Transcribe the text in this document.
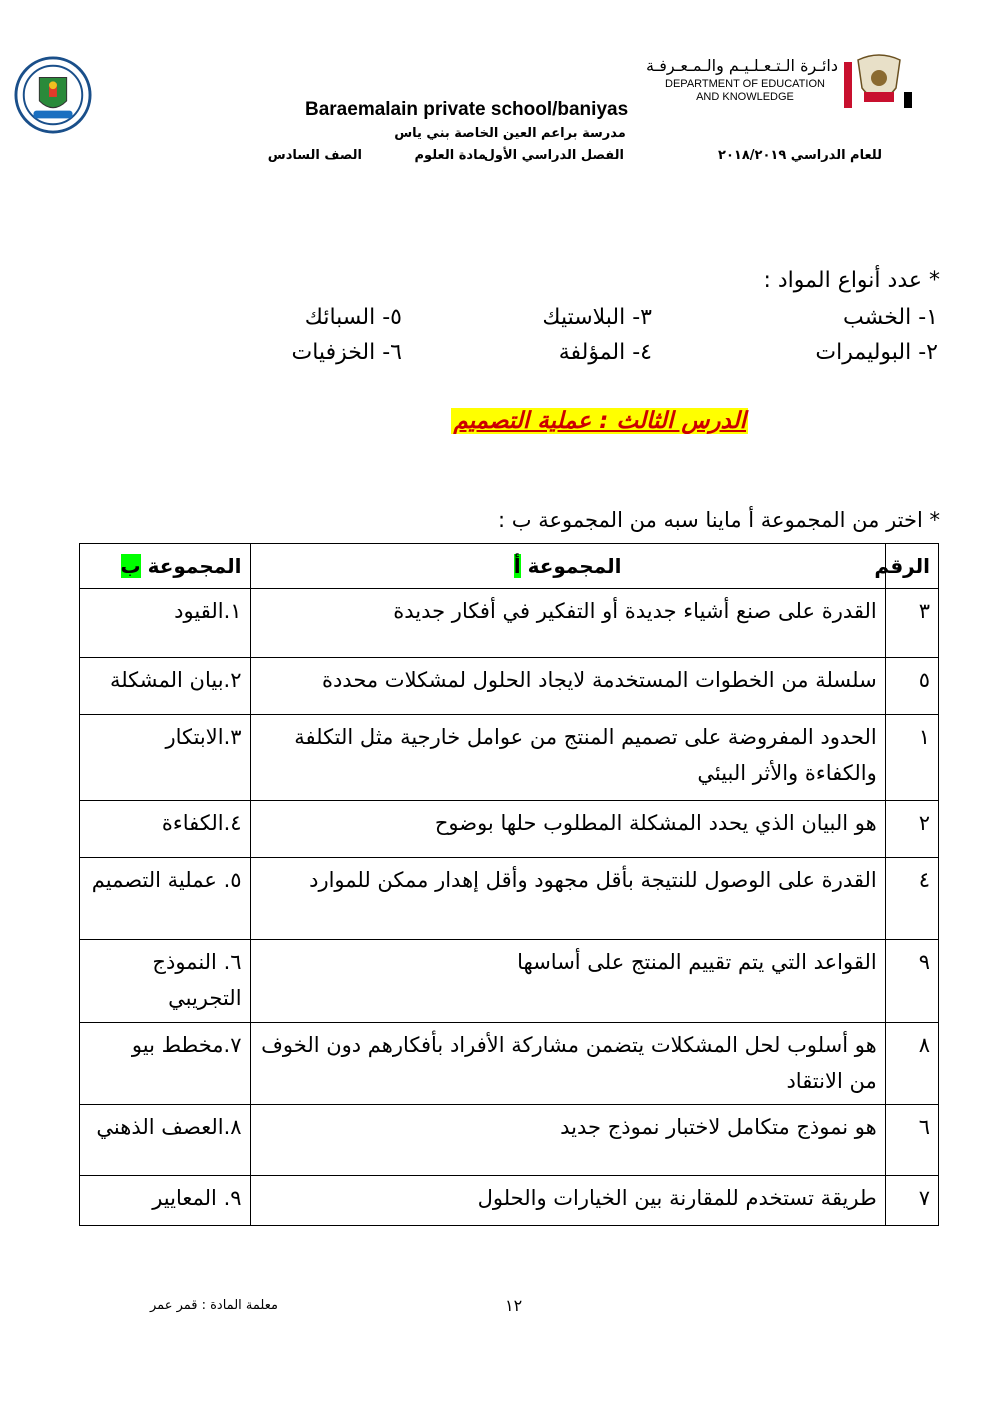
دائـرة الـتـعـلـيـم والـمـعـرفـة
DEPARTMENT OF EDUCATION
AND KNOWLEDGE
Baraemalain private school/baniyas
مدرسة براعم العين الخاصة بني ياس
للعام الدراسي ٢٠١٨/٢٠١٩
الفصل الدراسي الأول
مادة العلوم
الصف السادس
* عدد أنواع المواد :
١- الخشب
٣- البلاستيك
٥- السبائك
٢- البوليمرات
٤- المؤلفة
٦- الخزفيات
الدرس الثالث : عملية التصميم
* اختر من المجموعة أ ماينا سبه من المجموعة ب :
الرقم	المجموعة أ	المجموعة ب
٣	القدرة على صنع أشياء جديدة أو التفكير في أفكار جديدة	١.القيود
٥	سلسلة من الخطوات المستخدمة لايجاد الحلول لمشكلات محددة	٢.بيان المشكلة
١	الحدود المفروضة على تصميم المنتج من عوامل خارجية مثل التكلفة والكفاءة والأثر البيئي	٣.الابتكار
٢	هو البيان الذي يحدد المشكلة المطلوب حلها بوضوح	٤.الكفاءة
٤	القدرة على الوصول للنتيجة بأقل مجهود وأقل إهدار ممكن للموارد	٥. عملية التصميم
٩	القواعد التي يتم تقييم المنتج على أساسها	٦. النموذج التجريبي
٨	هو أسلوب لحل المشكلات يتضمن مشاركة الأفراد بأفكارهم دون الخوف من الانتقاد	٧.مخطط بيو
٦	هو نموذج متكامل لاختبار نموذج جديد	٨.العصف الذهني
٧	طريقة تستخدم للمقارنة بين الخيارات والحلول	٩. المعايير
١٢
معلمة المادة : قمر عمر
